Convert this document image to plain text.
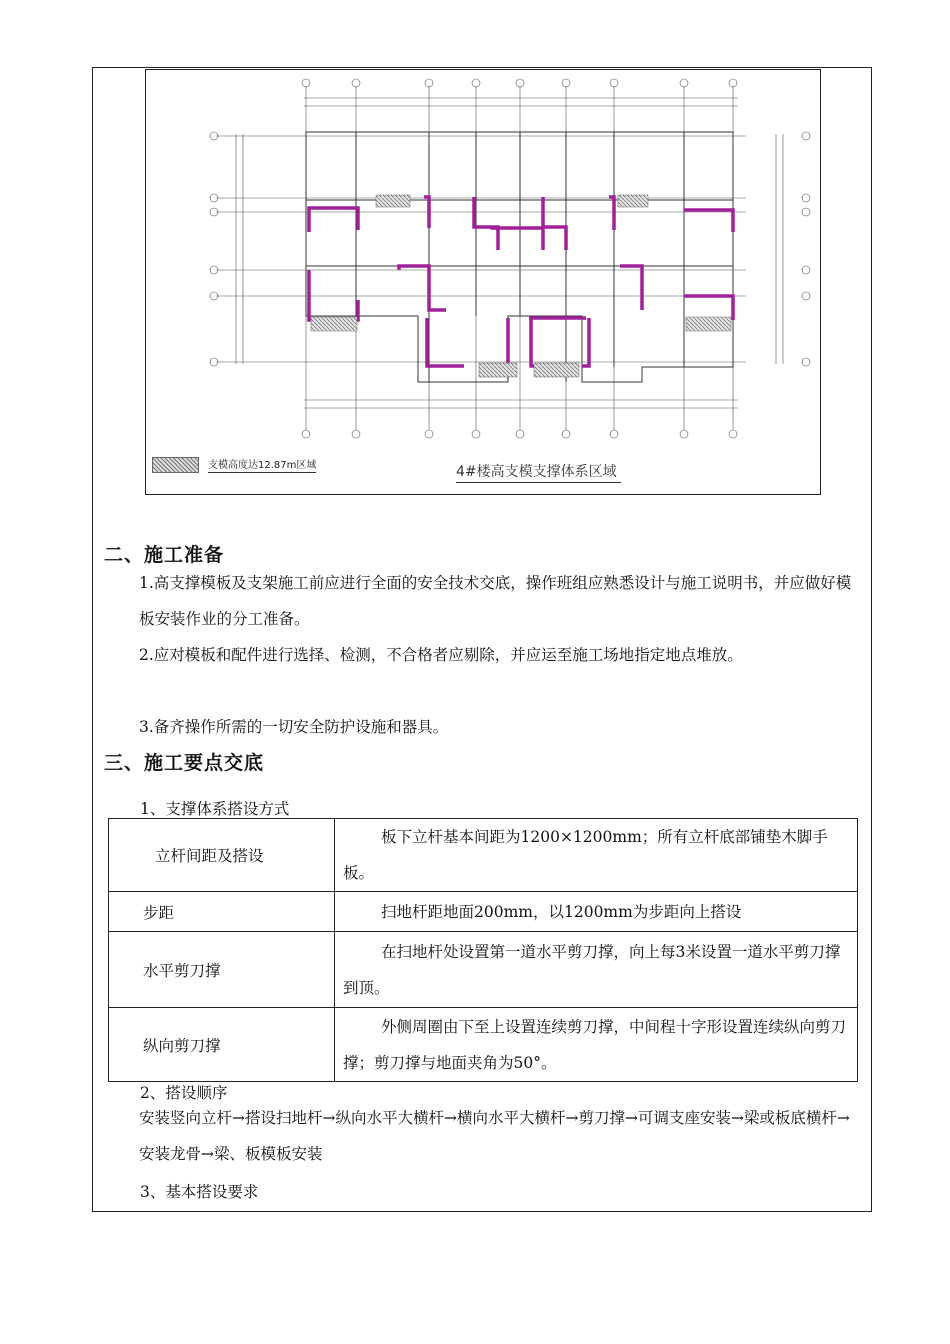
支模高度达12.87m区域	4#楼高支模支撑体系区域
二、施工准备
1.高支撑模板及支架施工前应进行全面的安全技术交底，操作班组应熟悉设计与施工说明书，并应做好模板安装作业的分工准备。
2.应对模板和配件进行选择、检测，不合格者应剔除，并应运至施工场地指定地点堆放。
3.备齐操作所需的一切安全防护设施和器具。
三、施工要点交底
1、支撑体系搭设方式
立杆间距及搭设	板下立杆基本间距为1200×1200mm；所有立杆底部铺垫木脚手板。

步距	扫地杆距地面200mm，以1200mm为步距向上搭设

水平剪刀撑	在扫地杆处设置第一道水平剪刀撑，向上每3米设置一道水平剪刀撑到顶。

纵向剪刀撑	外侧周圈由下至上设置连续剪刀撑，中间程十字形设置连续纵向剪刀撑；剪刀撑与地面夹角为50°。
2、搭设顺序
安装竖向立杆→搭设扫地杆→纵向水平大横杆→横向水平大横杆→剪刀撑→可调支座安装→梁或板底横杆→安装龙骨→梁、板模板安装
3、基本搭设要求
